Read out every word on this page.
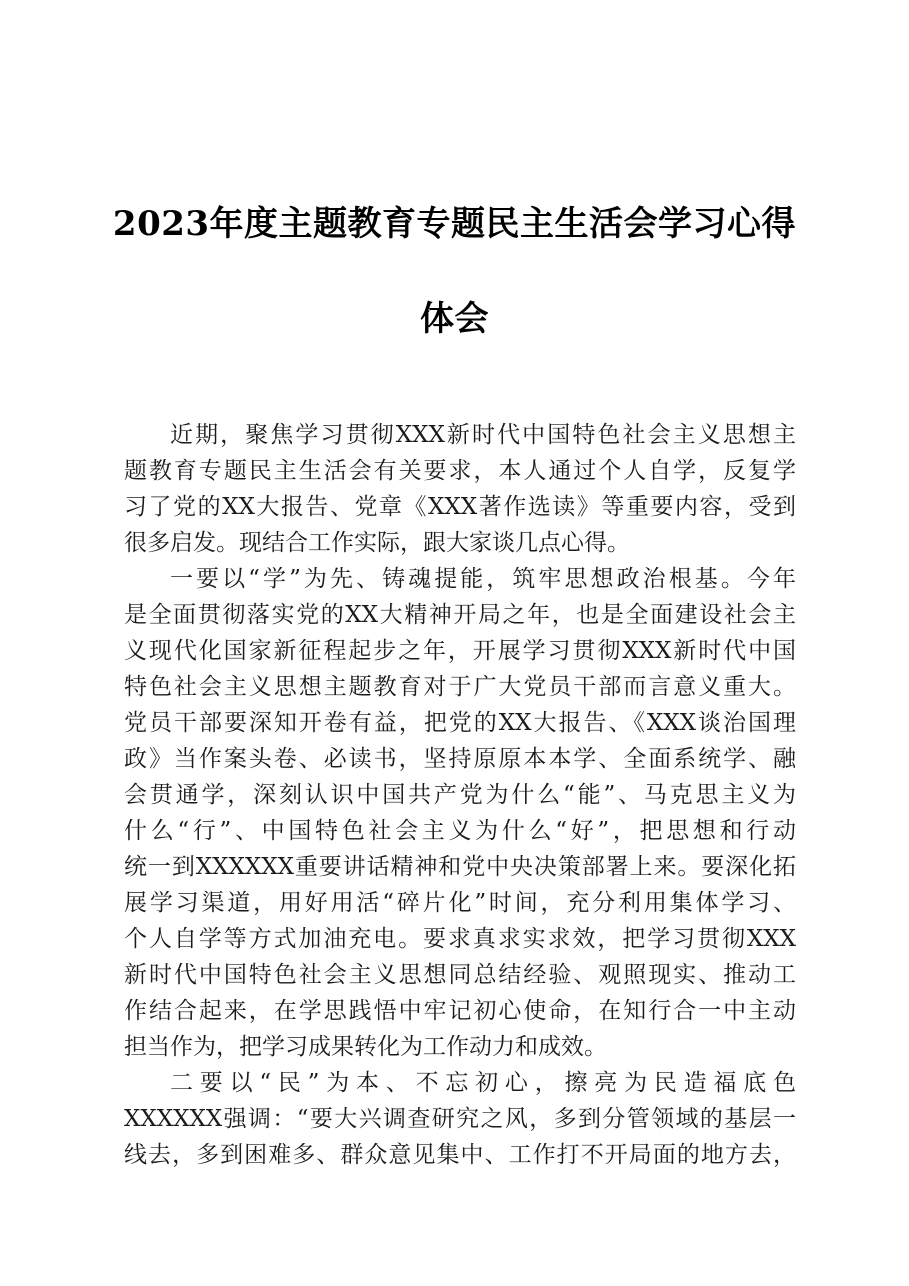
2023年度主题教育专题民主生活会学习心得
体会
近期，聚焦学习贯彻XXX新时代中国特色社会主义思想主
题教育专题民主生活会有关要求，本人通过个人自学，反复学
习了党的XX大报告、党章《XXX著作选读》等重要内容，受到
很多启发。现结合工作实际，跟大家谈几点心得。
一要以“学”为先、铸魂提能，筑牢思想政治根基。今年
是全面贯彻落实党的XX大精神开局之年，也是全面建设社会主
义现代化国家新征程起步之年，开展学习贯彻XXX新时代中国
特色社会主义思想主题教育对于广大党员干部而言意义重大。
党员干部要深知开卷有益，把党的XX大报告、《XXX谈治国理
政》当作案头卷、必读书，坚持原原本本学、全面系统学、融
会贯通学，深刻认识中国共产党为什么“能”、马克思主义为
什么“行”、中国特色社会主义为什么“好”，把思想和行动
统一到XXXXXX重要讲话精神和党中央决策部署上来。要深化拓
展学习渠道，用好用活“碎片化”时间，充分利用集体学习、
个人自学等方式加油充电。要求真求实求效，把学习贯彻XXX
新时代中国特色社会主义思想同总结经验、观照现实、推动工
作结合起来，在学思践悟中牢记初心使命，在知行合一中主动
担当作为，把学习成果转化为工作动力和成效。
二要以“民”为本、不忘初心，擦亮为民造福底色
XXXXXX强调：“要大兴调查研究之风，多到分管领域的基层一
线去，多到困难多、群众意见集中、工作打不开局面的地方去，
